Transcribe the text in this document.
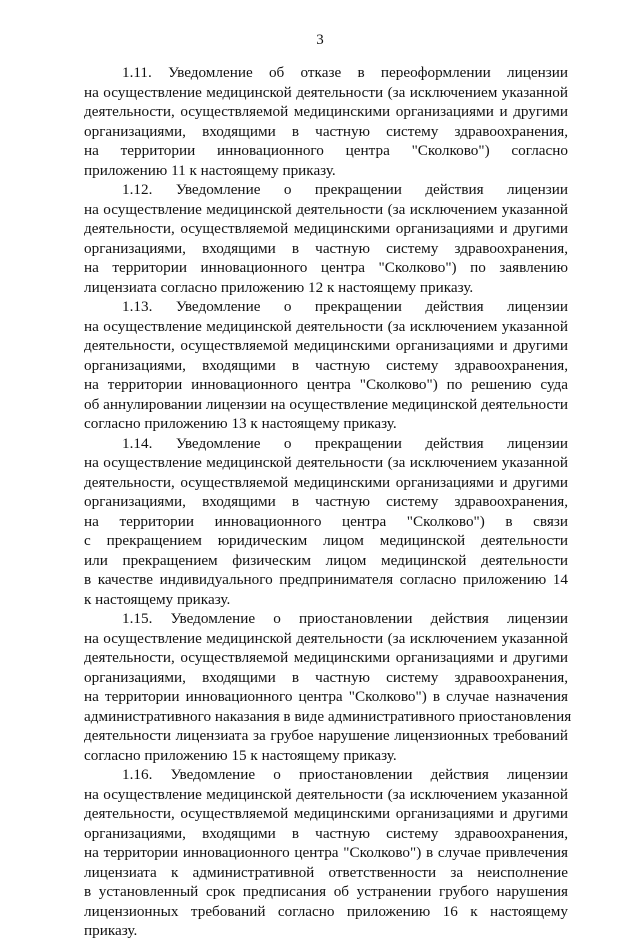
3
1.11. Уведомление об отказе в переоформлении лицензии
на осуществление медицинской деятельности (за исключением указанной
деятельности, осуществляемой медицинскими организациями и другими
организациями, входящими в частную систему здравоохранения,
на территории инновационного центра "Сколково") согласно
приложению 11 к настоящему приказу.
1.12. Уведомление о прекращении действия лицензии
на осуществление медицинской деятельности (за исключением указанной
деятельности, осуществляемой медицинскими организациями и другими
организациями, входящими в частную систему здравоохранения,
на территории инновационного центра "Сколково") по заявлению
лицензиата согласно приложению 12 к настоящему приказу.
1.13. Уведомление о прекращении действия лицензии
на осуществление медицинской деятельности (за исключением указанной
деятельности, осуществляемой медицинскими организациями и другими
организациями, входящими в частную систему здравоохранения,
на территории инновационного центра "Сколково") по решению суда
об аннулировании лицензии на осуществление медицинской деятельности
согласно приложению 13 к настоящему приказу.
1.14. Уведомление о прекращении действия лицензии
на осуществление медицинской деятельности (за исключением указанной
деятельности, осуществляемой медицинскими организациями и другими
организациями, входящими в частную систему здравоохранения,
на территории инновационного центра "Сколково") в связи
с прекращением юридическим лицом медицинской деятельности
или прекращением физическим лицом медицинской деятельности
в качестве индивидуального предпринимателя согласно приложению 14
к настоящему приказу.
1.15. Уведомление о приостановлении действия лицензии
на осуществление медицинской деятельности (за исключением указанной
деятельности, осуществляемой медицинскими организациями и другими
организациями, входящими в частную систему здравоохранения,
на территории инновационного центра "Сколково") в случае назначения
административного наказания в виде административного приостановления
деятельности лицензиата за грубое нарушение лицензионных требований
согласно приложению 15 к настоящему приказу.
1.16. Уведомление о приостановлении действия лицензии
на осуществление медицинской деятельности (за исключением указанной
деятельности, осуществляемой медицинскими организациями и другими
организациями, входящими в частную систему здравоохранения,
на территории инновационного центра "Сколково") в случае привлечения
лицензиата к административной ответственности за неисполнение
в установленный срок предписания об устранении грубого нарушения
лицензионных требований согласно приложению 16 к настоящему
приказу.
